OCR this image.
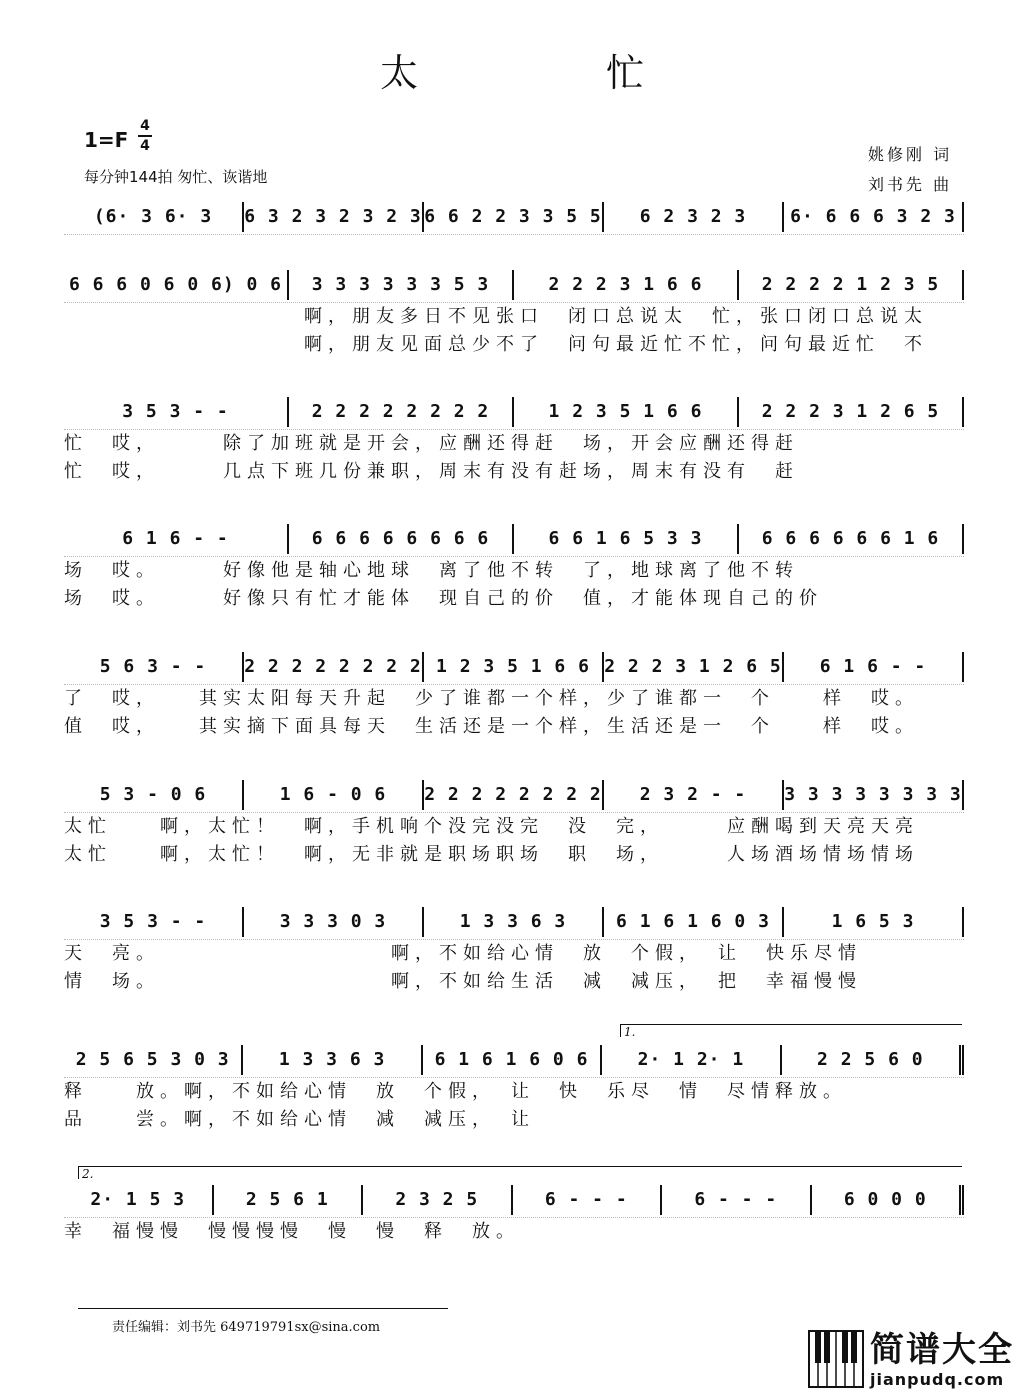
太 忙
1=F
4
4
每分钟144拍 匆忙、诙谐地
姚修刚 词
刘书先 曲
(6· 3 6· 3	6 3 2 3 2 3 2 3 6 6 2 2 3 3 5 5	6 2 3 2 3	6· 6 6 6 3 2 3
6 6 6 0 6 0 6) 0 6	3 3 3 3 3 3 5 3	2 2 2 3 1 6 6	2 2 2 2 1 2 3 5
　　　　　　　　　　啊，朋友多日不见张口　闭口总说太　忙，张口闭口总说太
　　　　　　　　　　啊，朋友见面总少不了　问句最近忙不忙，问句最近忙　不
3 5 3 - -	2 2 2 2 2 2 2 2	1 2 3 5 1 6 6	2 2 2 3 1 2 6 5
忙　哎，　　　除了加班就是开会，应酬还得赶　场，开会应酬还得赶
忙　哎，　　　几点下班几份兼职，周末有没有赶场，周末有没有　赶
6 1 6 - -	6 6 6 6 6 6 6 6	6 6 1 6 5 3 3	6 6 6 6 6 6 1 6
场　哎。　　　好像他是轴心地球　离了他不转　了，地球离了他不转
场　哎。　　　好像只有忙才能体　现自己的价　值，才能体现自己的价
5 6 3 - -	2 2 2 2 2 2 2 2 1 2 3 5 1 6 6 2 2 2 3 1 2 6 5	6 1 6 - -
了　哎，　　其实太阳每天升起　少了谁都一个样，少了谁都一　个　　样　哎。
值　哎，　　其实摘下面具每天　生活还是一个样，生活还是一　个　　样　哎。
5 3 - 0 6	1 6 - 0 6	2 2 2 2 2 2 2 2	2 3 2 - -	3 3 3 3 3 3 3 3
太忙　　啊，太忙！　啊，手机响个没完没完　没　完，　　　应酬喝到天亮天亮
太忙　　啊，太忙！　啊，无非就是职场职场　职　场，　　　人场酒场情场情场
3 5 3 - -	3 3 3 0 3	1 3 3 6 3	6 1 6 1 6 0 3	1 6 5 3
天　亮。　　　　　　　　　　啊，不如给心情　放　个假，　让　快乐尽情
情　场。　　　　　　　　　　啊，不如给生活　减　减压，　把　幸福慢慢
2 5 6 5 3 0 3	1 3 3 6 3	6 1 6 1 6 0 6	2· 1 2· 1	2 2 5 6 0
释　　放。啊，不如给心情　放　个假，　让　快　乐尽　情　尽情释放。
品　　尝。啊，不如给心情　减　减压，　让
2· 1 5 3	2 5 6 1	2 3 2 5	6 - - -	6 - - -	6 0 0 0
幸　福慢慢　慢慢慢慢　慢　慢　释　放。
1.
2.
责任编辑：刘书先 649719791sx@sina.com
简谱大全
jianpudq.com
